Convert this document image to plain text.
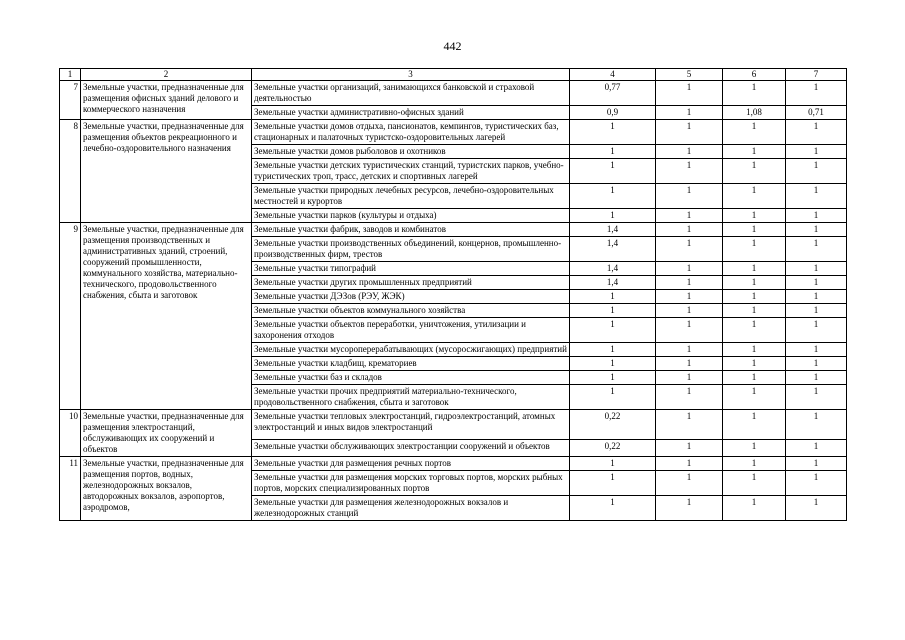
442
1	2	3	4	5	6	7
7	Земельные участки, предназначенные для размещения офисных зданий делового и коммерческого назначения	Земельные участки организаций, занимающихся банковской и страховой деятельностью	0,77	1	1	1
		Земельные участки административно-офисных зданий	0,9	1	1,08	0,71
8	Земельные участки, предназначенные для размещения объектов рекреационного и лечебно-оздоровительного назначения	Земельные участки домов отдыха, пансионатов, кемпингов, туристических баз, стационарных и палаточных туристско-оздоровительных лагерей	1	1	1	1
		Земельные участки домов рыболовов и охотников	1	1	1	1
		Земельные участки детских туристических станций, туристских парков, учебно-туристических троп, трасс, детских и спортивных лагерей	1	1	1	1
		Земельные участки природных лечебных ресурсов, лечебно-оздоровительных местностей и курортов	1	1	1	1
		Земельные участки парков (культуры и отдыха)	1	1	1	1
9	Земельные участки, предназначенные для размещения производственных и административных зданий, строений, сооружений промышленности, коммунального хозяйства, материально-технического, продовольственного снабжения, сбыта и заготовок	Земельные участки фабрик, заводов и комбинатов	1,4	1	1	1
		Земельные участки производственных объединений, концернов, промышленно-производственных фирм, трестов	1,4	1	1	1
		Земельные участки типографий	1,4	1	1	1
		Земельные участки других промышленных предприятий	1,4	1	1	1
		Земельные участки ДЭЗов (РЭУ, ЖЭК)	1	1	1	1
		Земельные участки объектов коммунального хозяйства	1	1	1	1
		Земельные участки объектов переработки, уничтожения, утилизации и захоронения отходов	1	1	1	1
		Земельные участки мусороперерабатывающих (мусоросжигающих) предприятий	1	1	1	1
		Земельные участки кладбищ, крематориев	1	1	1	1
		Земельные участки баз и складов	1	1	1	1
		Земельные участки прочих предприятий материально-технического, продовольственного снабжения, сбыта и заготовок	1	1	1	1
10	Земельные участки, предназначенные для размещения электростанций, обслуживающих их сооружений и объектов	Земельные участки тепловых электростанций, гидроэлектростанций, атомных электростанций и иных видов электростанций	0,22	1	1	1
		Земельные участки обслуживающих электростанции сооружений и объектов	0,22	1	1	1
11	Земельные участки, предназначенные для размещения портов, водных, железнодорожных вокзалов, автодорожных вокзалов, аэропортов, аэродромов,	Земельные участки для размещения речных портов	1	1	1	1
		Земельные участки для размещения морских торговых портов, морских рыбных портов, морских специализированных портов	1	1	1	1
		Земельные участки для размещения железнодорожных вокзалов и железнодорожных станций	1	1	1	1
